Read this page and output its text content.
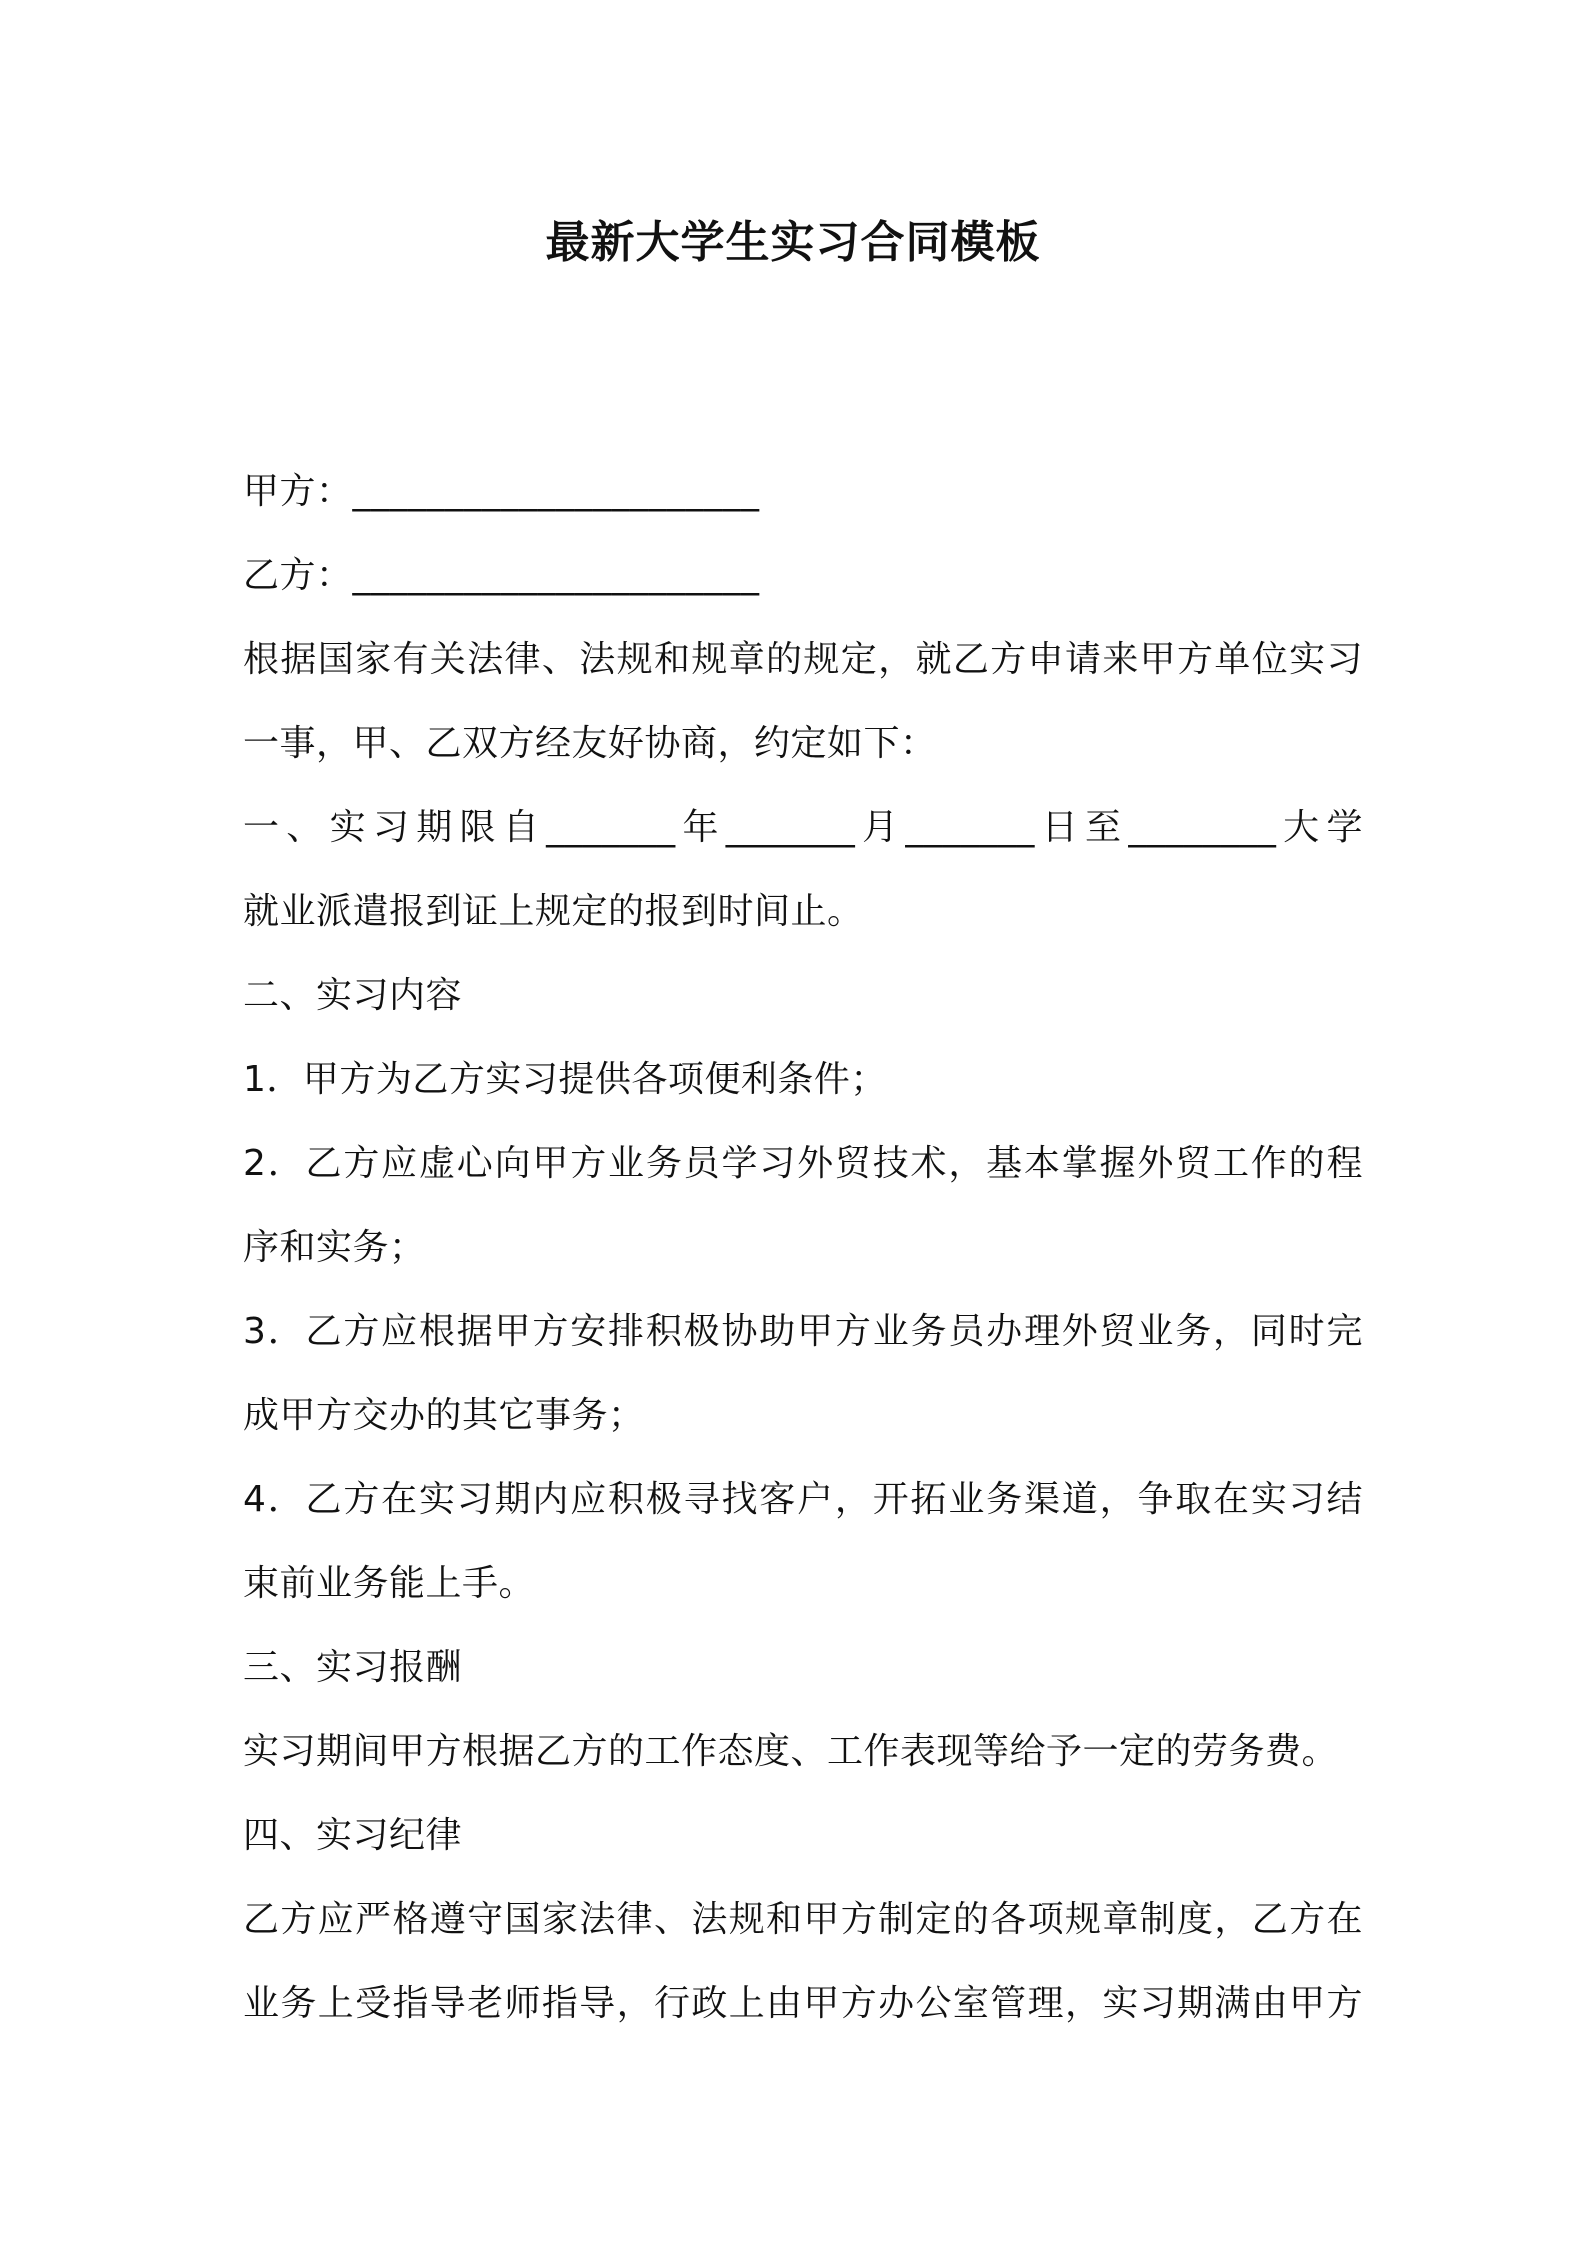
最新大学生实习合同模板

甲方：______________________

乙方：______________________

根据国家有关法律、法规和规章的规定，就乙方申请来甲方单位实习

一事，甲、乙双方经友好协商，约定如下：

一、实习期限自_______年_______月_______日至________大学

就业派遣报到证上规定的报到时间止。

二、实习内容

1．甲方为乙方实习提供各项便利条件；

2．乙方应虚心向甲方业务员学习外贸技术，基本掌握外贸工作的程

序和实务；

3．乙方应根据甲方安排积极协助甲方业务员办理外贸业务，同时完

成甲方交办的其它事务；

4．乙方在实习期内应积极寻找客户，开拓业务渠道，争取在实习结

束前业务能上手。

三、实习报酬

实习期间甲方根据乙方的工作态度、工作表现等给予一定的劳务费。

四、实习纪律

乙方应严格遵守国家法律、法规和甲方制定的各项规章制度，乙方在

业务上受指导老师指导，行政上由甲方办公室管理，实习期满由甲方
